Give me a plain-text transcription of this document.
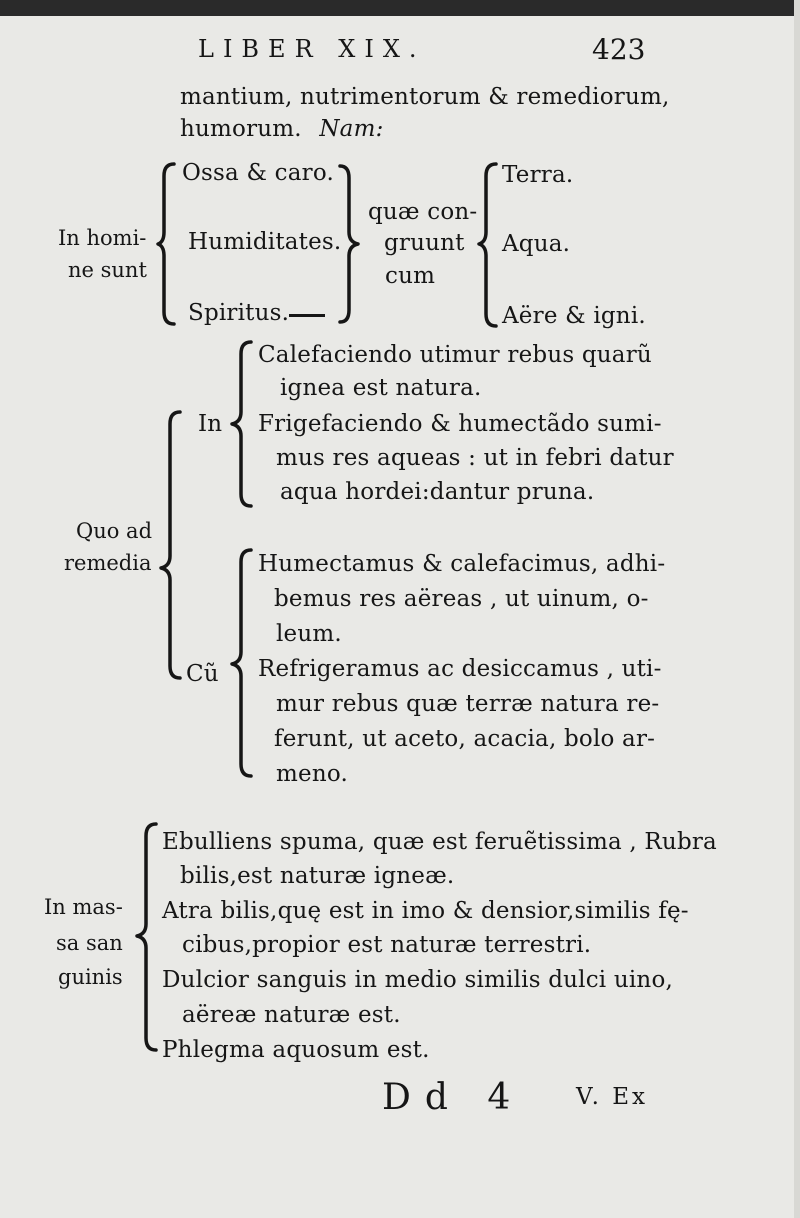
LIBER XIX.	423
mantium, nutrimentorum & remediorum,
humorum. Nam:
In homi-
ne sunt
Ossa & caro.
Humiditates.
Spiritus.
quæ con-
gruunt
cum
Terra.
Aqua.
Aëre & igni.
Quo ad
remedia
In
Calefaciendo utimur rebus quarũ
ignea est natura.
Frigefaciendo & humectãdo sumi-
mus res aqueas : ut in febri datur
aqua hordei:dantur pruna.
Cũ
Humectamus & calefacimus, adhi-
bemus res aëreas , ut uinum, o-
leum.
Refrigeramus ac desiccamus , uti-
mur rebus quæ terræ natura re-
ferunt, ut aceto, acacia, bolo ar-
meno.
In mas-
sa san
guinis
Ebulliens spuma, quæ est feruẽtissima , Rubra
bilis,est naturæ igneæ.
Atra bilis,quę est in imo & densior,similis fę-
cibus,propior est naturæ terrestri.
Dulcior sanguis in medio similis dulci uino,
aëreæ naturæ est.
Phlegma aquosum est.
Dd 4 V. Ex
